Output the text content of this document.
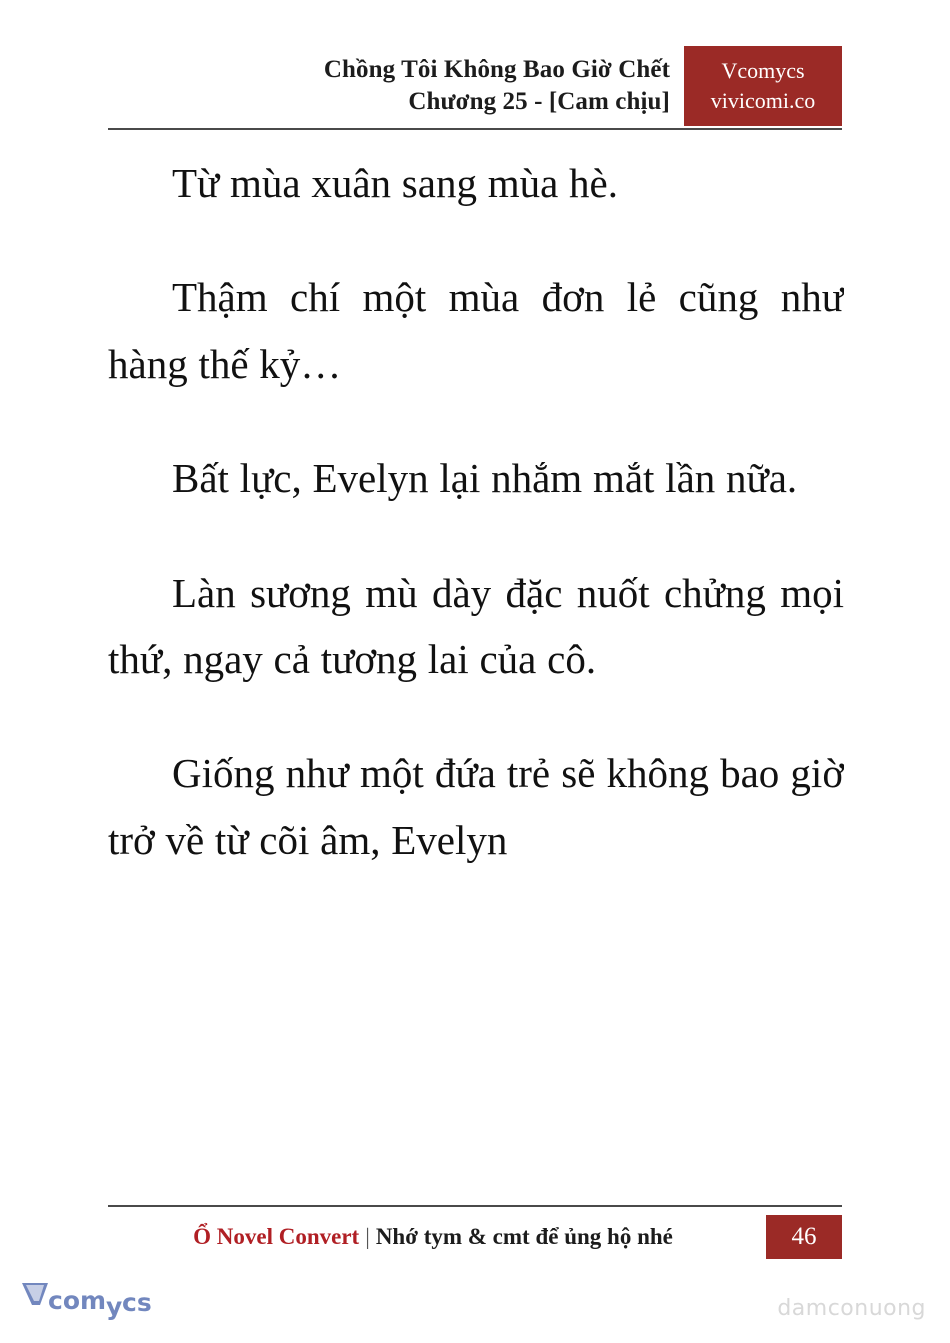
Chồng Tôi Không Bao Giờ Chết
Chương 25 - [Cam chịu]
Vcomycs
vivicomi.co

Từ mùa xuân sang mùa hè.

Thậm chí một mùa đơn lẻ cũng như hàng thế kỷ…

Bất lực, Evelyn lại nhắm mắt lần nữa.

Làn sương mù dày đặc nuốt chửng mọi thứ, ngay cả tương lai của cô.

Giống như một đứa trẻ sẽ không bao giờ trở về từ cõi âm, Evelyn

Ổ Novel Convert | Nhớ tym & cmt để ủng hộ nhé	46
com y cs	damconuong
